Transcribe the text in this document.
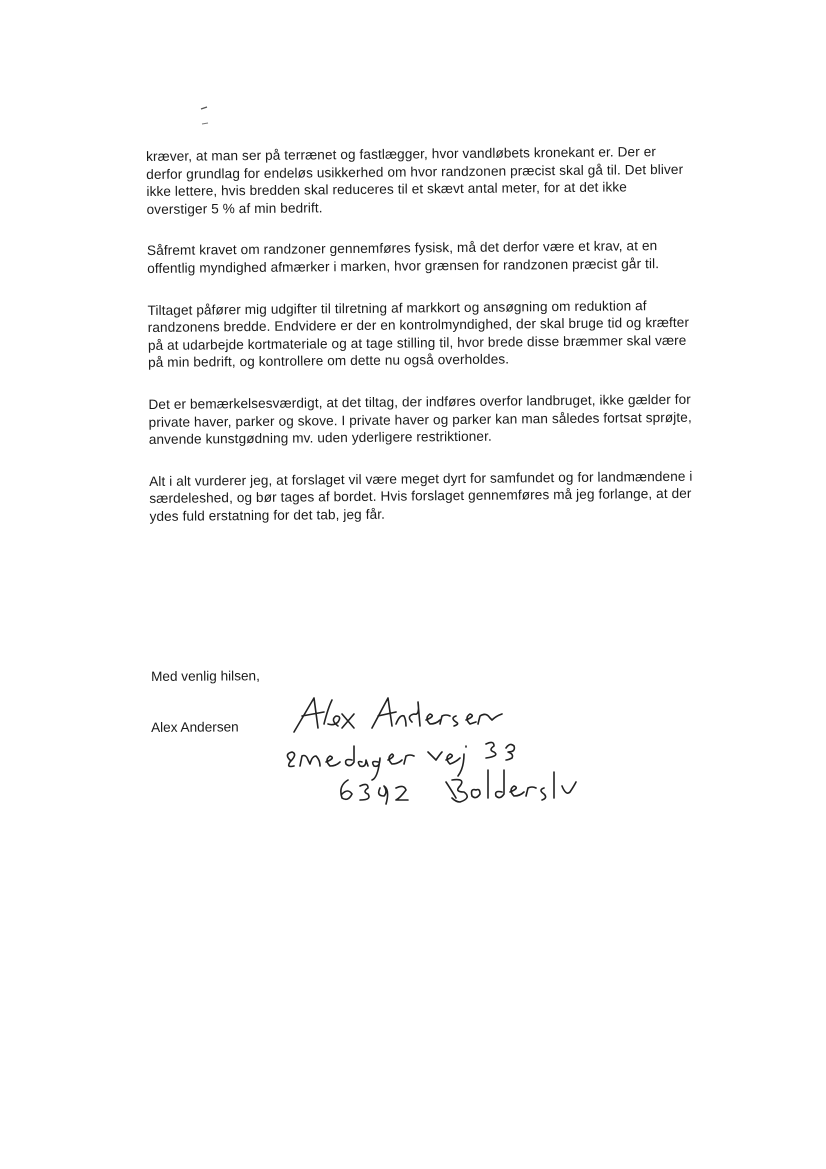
kræver, at man ser på terrænet og fastlægger, hvor vandløbets kronekant er. Der er derfor grundlag for endeløs usikkerhed om hvor randzonen præcist skal gå til. Det bliver ikke lettere, hvis bredden skal reduceres til et skævt antal meter, for at det ikke overstiger 5 % af min bedrift.

Såfremt kravet om randzoner gennemføres fysisk, må det derfor være et krav, at en offentlig myndighed afmærker i marken, hvor grænsen for randzonen præcist går til.

Tiltaget påfører mig udgifter til tilretning af markkort og ansøgning om reduktion af randzonens bredde. Endvidere er der en kontrolmyndighed, der skal bruge tid og kræfter på at udarbejde kortmateriale og at tage stilling til, hvor brede disse bræmmer skal være på min bedrift, og kontrollere om dette nu også overholdes.

Det er bemærkelsesværdigt, at det tiltag, der indføres overfor landbruget, ikke gælder for private haver, parker og skove. I private haver og parker kan man således fortsat sprøjte, anvende kunstgødning mv. uden yderligere restriktioner.

Alt i alt vurderer jeg, at forslaget vil være meget dyrt for samfundet og for landmændene i særdeleshed, og bør tages af bordet. Hvis forslaget gennemføres må jeg forlange, at der ydes fuld erstatning for det tab, jeg får.

Med venlig hilsen,
Alex Andersen
